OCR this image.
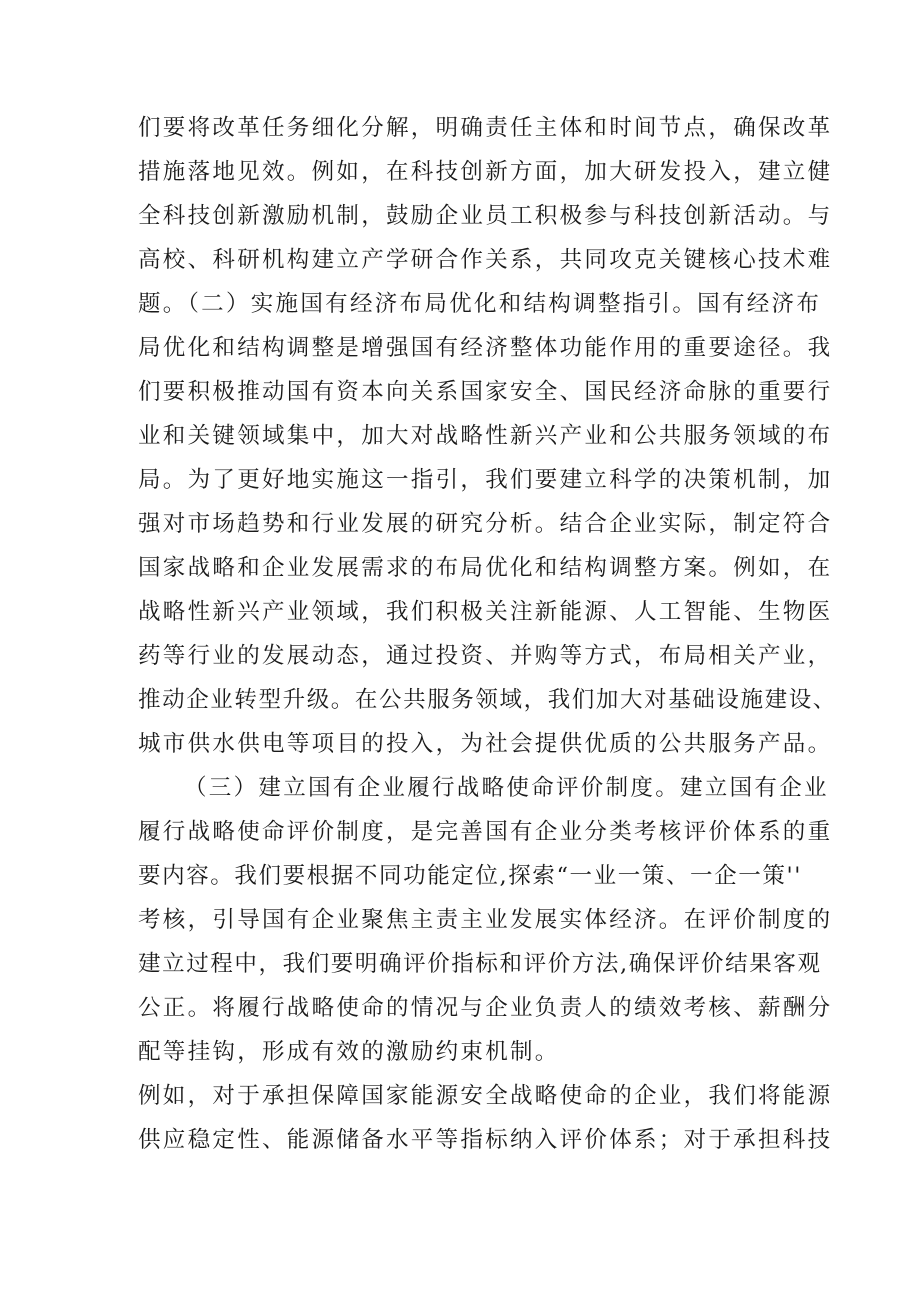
们要将改革任务细化分解，明确责任主体和时间节点，确保改革
措施落地见效。例如，在科技创新方面，加大研发投入，建立健
全科技创新激励机制，鼓励企业员工积极参与科技创新活动。与
高校、科研机构建立产学研合作关系，共同攻克关键核心技术难
题。（二）实施国有经济布局优化和结构调整指引。国有经济布
局优化和结构调整是增强国有经济整体功能作用的重要途径。我
们要积极推动国有资本向关系国家安全、国民经济命脉的重要行
业和关键领域集中，加大对战略性新兴产业和公共服务领域的布
局。为了更好地实施这一指引，我们要建立科学的决策机制，加
强对市场趋势和行业发展的研究分析。结合企业实际，制定符合
国家战略和企业发展需求的布局优化和结构调整方案。例如，在
战略性新兴产业领域，我们积极关注新能源、人工智能、生物医
药等行业的发展动态，通过投资、并购等方式，布局相关产业，
推动企业转型升级。在公共服务领域，我们加大对基础设施建设、
城市供水供电等项目的投入，为社会提供优质的公共服务产品。
（三）建立国有企业履行战略使命评价制度。建立国有企业
履行战略使命评价制度，是完善国有企业分类考核评价体系的重
要内容。我们要根据不同功能定位,探索“一业一策、一企一策''
考核，引导国有企业聚焦主责主业发展实体经济。在评价制度的
建立过程中，我们要明确评价指标和评价方法,确保评价结果客观
公正。将履行战略使命的情况与企业负责人的绩效考核、薪酬分
配等挂钩，形成有效的激励约束机制。
例如，对于承担保障国家能源安全战略使命的企业，我们将能源
供应稳定性、能源储备水平等指标纳入评价体系；对于承担科技
